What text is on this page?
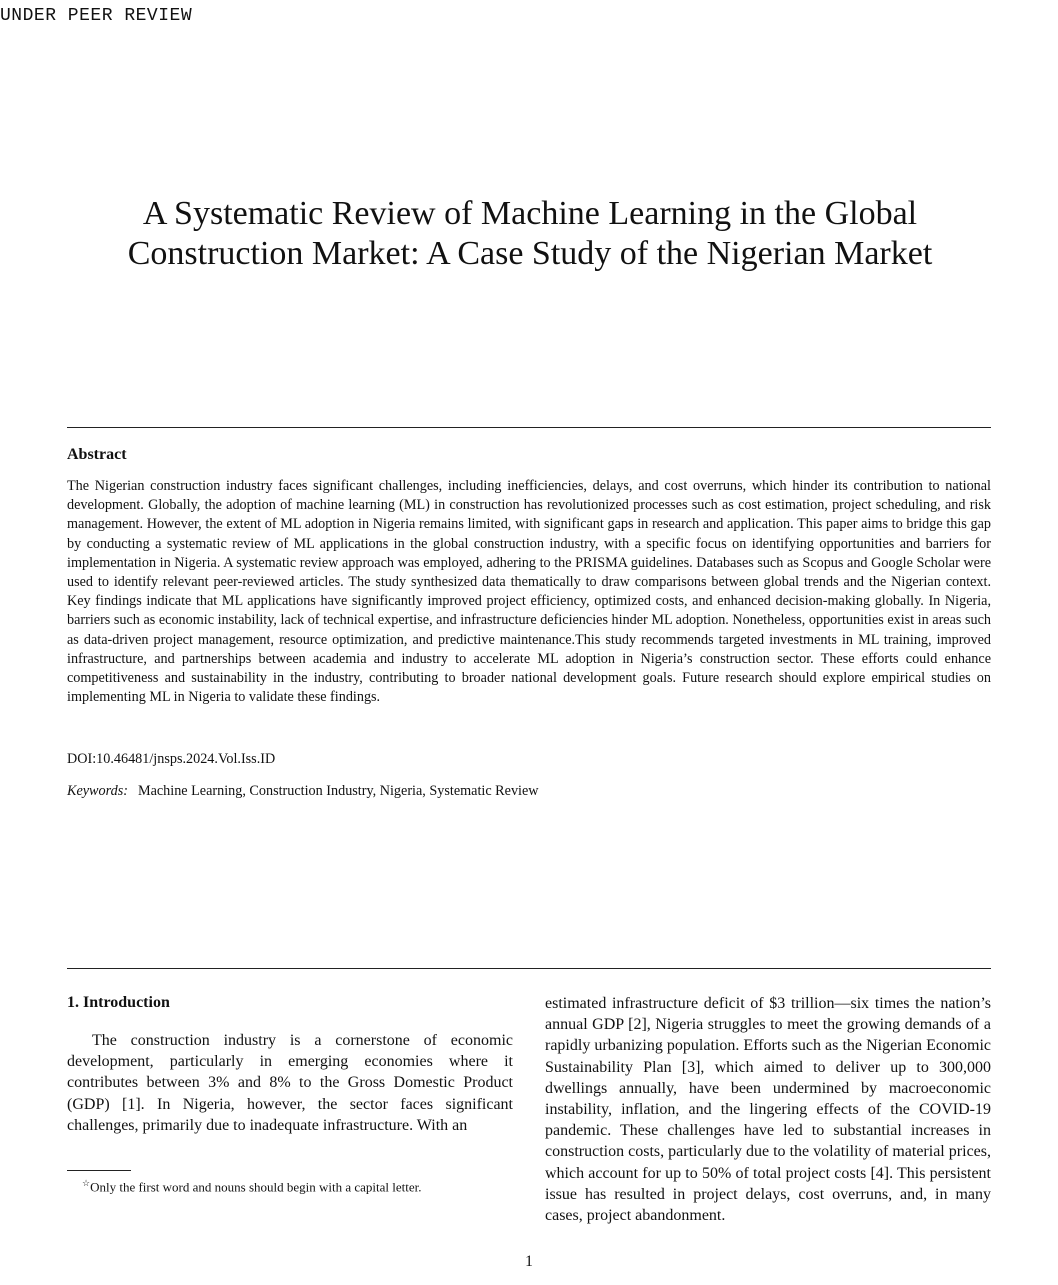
UNDER PEER REVIEW
A Systematic Review of Machine Learning in the Global
Construction Market: A Case Study of the Nigerian Market
Abstract

The Nigerian construction industry faces significant challenges, including inefficiencies, delays, and cost overruns, which hinder its contribution to national development. Globally, the adoption of machine learning (ML) in construction has revolutionized processes such as cost estimation, project scheduling, and risk management. However, the extent of ML adoption in Nigeria remains limited, with significant gaps in research and application. This paper aims to bridge this gap by conducting a systematic review of ML applications in the global construction industry, with a specific focus on identifying opportunities and barriers for implementation in Nigeria. A systematic review approach was employed, adhering to the PRISMA guidelines. Databases such as Scopus and Google Scholar were used to identify relevant peer-reviewed articles. The study synthesized data thematically to draw comparisons between global trends and the Nigerian context. Key findings indicate that ML applications have significantly improved project efficiency, optimized costs, and enhanced decision-making globally. In Nigeria, barriers such as economic instability, lack of technical expertise, and infrastructure deficiencies hinder ML adoption. Nonetheless, opportunities exist in areas such as data-driven project management, resource optimization, and predictive maintenance.This study recommends targeted investments in ML training, improved infrastructure, and partnerships between academia and industry to accelerate ML adoption in Nigeria’s construction sector. These efforts could enhance competitiveness and sustainability in the industry, contributing to broader national development goals. Future research should explore empirical studies on implementing ML in Nigeria to validate these findings.

DOI:10.46481/jnsps.2024.Vol.Iss.ID
Keywords: Machine Learning, Construction Industry, Nigeria, Systematic Review
1. Introduction

The construction industry is a cornerstone of economic development, particularly in emerging economies where it contributes between 3% and 8% to the Gross Domestic Product (GDP) [1]. In Nigeria, however, the sector faces significant challenges, primarily due to inadequate infrastructure. With an

estimated infrastructure deficit of $3 trillion—six times the nation’s annual GDP [2], Nigeria struggles to meet the growing demands of a rapidly urbanizing population. Efforts such as the Nigerian Economic Sustainability Plan [3], which aimed to deliver up to 300,000 dwellings annually, have been undermined by macroeconomic instability, inflation, and the lingering effects of the COVID-19 pandemic. These challenges have led to substantial increases in construction costs, particularly due to the volatility of material prices, which account for up to 50% of total project costs [4]. This persistent issue has resulted in project delays, cost overruns, and, in many cases, project abandonment.

☆Only the first word and nouns should begin with a capital letter.
1
